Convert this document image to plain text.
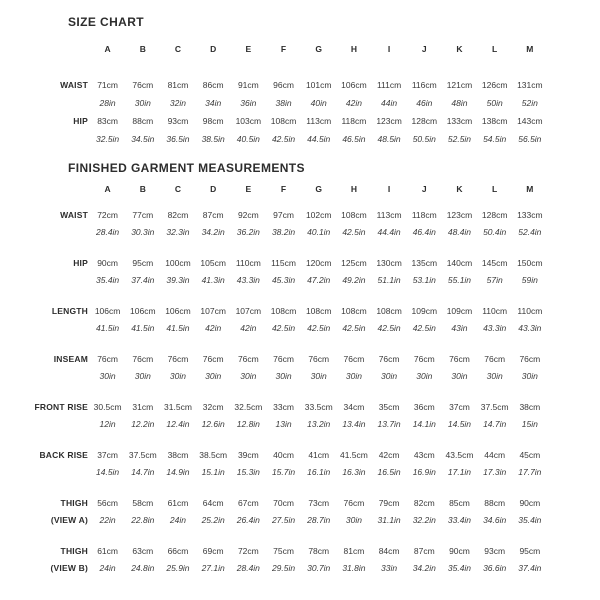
SIZE CHART
A	B	C	D	E	F	G	H	I	J	K	L	M
WAIST	71cm	76cm	81cm	86cm	91cm	96cm	101cm	106cm	111cm	116cm	121cm	126cm	131cm
28in	30in	32in	34in	36in	38in	40in	42in	44in	46in	48in	50in	52in
HIP	83cm	88cm	93cm	98cm	103cm	108cm	113cm	118cm	123cm	128cm	133cm	138cm	143cm
32.5in	34.5in	36.5in	38.5in	40.5in	42.5in	44.5in	46.5in	48.5in	50.5in	52.5in	54.5in	56.5in
FINISHED GARMENT MEASUREMENTS
A	B	C	D	E	F	G	H	I	J	K	L	M
WAIST	72cm	77cm	82cm	87cm	92cm	97cm	102cm	108cm	113cm	118cm	123cm	128cm	133cm
28.4in	30.3in	32.3in	34.2in	36.2in	38.2in	40.1in	42.5in	44.4in	46.4in	48.4in	50.4in	52.4in
HIP	90cm	95cm	100cm	105cm	110cm	115cm	120cm	125cm	130cm	135cm	140cm	145cm	150cm
35.4in	37.4in	39.3in	41.3in	43.3in	45.3in	47.2in	49.2in	51.1in	53.1in	55.1in	57in	59in
LENGTH 106cm	106cm	106cm	107cm	107cm	108cm	108cm	108cm	108cm	109cm	109cm	110cm	110cm
41.5in	41.5in	41.5in	42in	42in	42.5in	42.5in	42.5in	42.5in	42.5in	43in	43.3in	43.3in
INSEAM	76cm	76cm	76cm	76cm	76cm	76cm	76cm	76cm	76cm	76cm	76cm	76cm	76cm
30in	30in	30in	30in	30in	30in	30in	30in	30in	30in	30in	30in	30in
FRONT RISE 30.5cm	31cm	31.5cm	32cm	32.5cm	33cm	33.5cm	34cm	35cm	36cm	37cm	37.5cm	38cm
12in	12.2in	12.4in	12.6in	12.8in	13in	13.2in	13.4in	13.7in	14.1in	14.5in	14.7in	15in
BACK RISE	37cm	37.5cm	38cm	38.5cm	39cm	40cm	41cm	41.5cm	42cm	43cm	43.5cm	44cm	45cm
14.5in	14.7in	14.9in	15.1in	15.3in	15.7in	16.1in	16.3in	16.5in	16.9in	17.1in	17.3in	17.7in
THIGH	56cm	58cm	61cm	64cm	67cm	70cm	73cm	76cm	79cm	82cm	85cm	88cm	90cm
(VIEW A)	22in	22.8in	24in	25.2in	26.4in	27.5in	28.7in	30in	31.1in	32.2in	33.4in	34.6in	35.4in
THIGH	61cm	63cm	66cm	69cm	72cm	75cm	78cm	81cm	84cm	87cm	90cm	93cm	95cm
(VIEW B)	24in	24.8in	25.9in	27.1in	28.4in	29.5in	30.7in	31.8in	33in	34.2in	35.4in	36.6in	37.4in
